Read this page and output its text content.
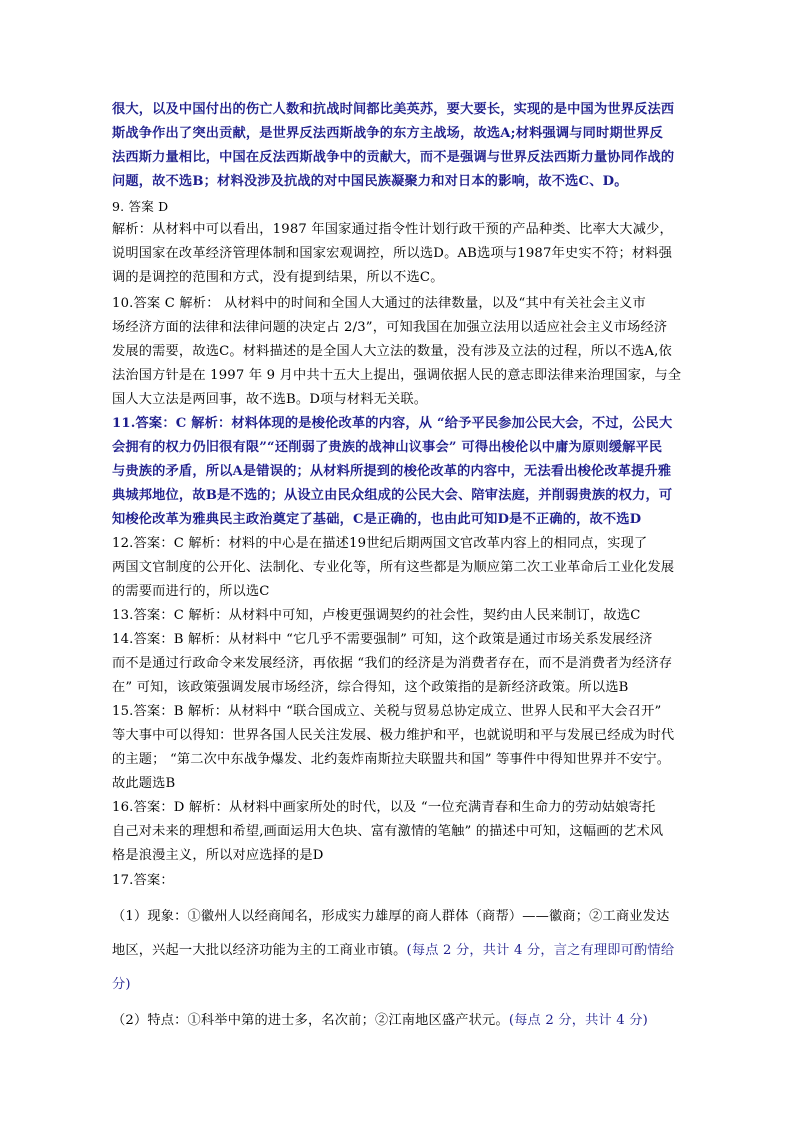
很大，以及中国付出的伤亡人数和抗战时间都比美英苏，要大要长，实现的是中国为世界反法西
斯战争作出了突出贡献，是世界反法西斯战争的东方主战场，故选A;材料强调与同时期世界反
法西斯力量相比，中国在反法西斯战争中的贡献大，而不是强调与世界反法西斯力量协同作战的
问题，故不选B；材料没涉及抗战的对中国民族凝聚力和对日本的影响，故不选C、D。
9. 答案 D
解析：从材料中可以看出，1987 年国家通过指令性计划行政干预的产品种类、比率大大减少，
说明国家在改革经济管理体制和国家宏观调控，所以选D。AB选项与1987年史实不符；材料强
调的是调控的范围和方式，没有提到结果，所以不选C。
10.答案 C 解析： 从材料中的时间和全国人大通过的法律数量，以及“其中有关社会主义市
场经济方面的法律和法律问题的决定占 2/3”，可知我国在加强立法用以适应社会主义市场经济
发展的需要，故选C。材料描述的是全国人大立法的数量，没有涉及立法的过程，所以不选A,依
法治国方针是在 1997 年 9 月中共十五大上提出，强调依据人民的意志即法律来治理国家，与全
国人大立法是两回事，故不选B。D项与材料无关联。
11.答案：C 解析：材料体现的是梭伦改革的内容，从 “给予平民参加公民大会，不过，公民大
会拥有的权力仍旧很有限”“还削弱了贵族的战神山议事会” 可得出梭伦以中庸为原则缓解平民
与贵族的矛盾，所以A是错误的；从材料所提到的梭伦改革的内容中，无法看出梭伦改革提升雅
典城邦地位，故B是不选的；从设立由民众组成的公民大会、陪审法庭，并削弱贵族的权力，可
知梭伦改革为雅典民主政治奠定了基础，C是正确的，也由此可知D是不正确的，故不选D
12.答案：C 解析：材料的中心是在描述19世纪后期两国文官改革内容上的相同点，实现了
两国文官制度的公开化、法制化、专业化等，所有这些都是为顺应第二次工业革命后工业化发展
的需要而进行的，所以选C
13.答案：C 解析：从材料中可知，卢梭更强调契约的社会性，契约由人民来制订，故选C
14.答案：B 解析：从材料中 “它几乎不需要强制” 可知，这个政策是通过市场关系发展经济
而不是通过行政命令来发展经济，再依据 “我们的经济是为消费者存在，而不是消费者为经济存
在” 可知，该政策强调发展市场经济，综合得知，这个政策指的是新经济政策。所以选B
15.答案：B 解析：从材料中 “联合国成立、关税与贸易总协定成立、世界人民和平大会召开”
等大事中可以得知：世界各国人民关注发展、极力维护和平，也就说明和平与发展已经成为时代
的主题； “第二次中东战争爆发、北约轰炸南斯拉夫联盟共和国” 等事件中得知世界并不安宁。
故此题选B
16.答案：D 解析：从材料中画家所处的时代，以及 “一位充满青春和生命力的劳动姑娘寄托
自己对未来的理想和希望,画面运用大色块、富有激情的笔触” 的描述中可知，这幅画的艺术风
格是浪漫主义，所以对应选择的是D
17.答案：
（1）现象：①徽州人以经商闻名，形成实力雄厚的商人群体（商帮）——徽商；②工商业发达
地区，兴起一大批以经济功能为主的工商业市镇。(每点 2 分，共计 4 分，言之有理即可酌情给
分)
（2）特点：①科举中第的进士多，名次前；②江南地区盛产状元。(每点 2 分，共计 4 分)
